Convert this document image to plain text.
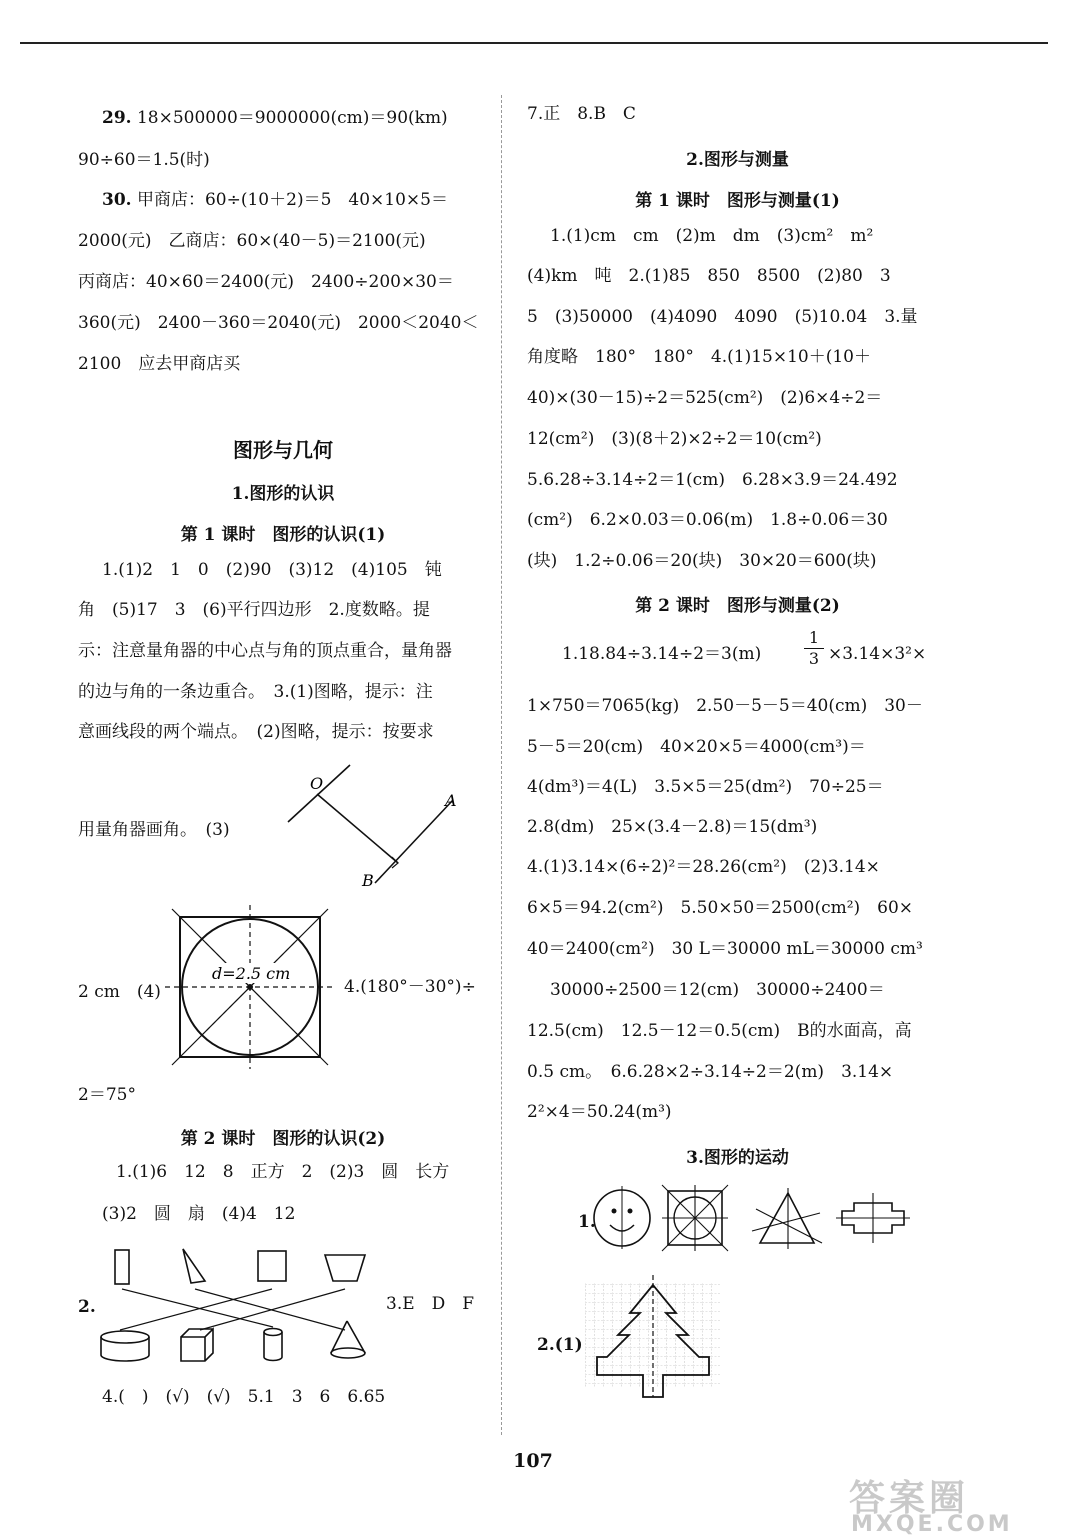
29. 18×500000＝9000000(cm)＝90(km)
90÷60＝1.5(时)
30. 甲商店：60÷(10＋2)＝5　40×10×5＝
2000(元)　乙商店：60×(40－5)＝2100(元)
丙商店：40×60＝2400(元)　2400÷200×30＝
360(元)　2400－360＝2040(元)　2000＜2040＜
2100　应去甲商店买
图形与几何
1.图形的认识
第 1 课时　图形的认识(1)
1.(1)2　1　0　(2)90　(3)12　(4)105　钝
角　(5)17　3　(6)平行四边形　2.度数略。提
示：注意量角器的中心点与角的顶点重合，量角器
的边与角的一条边重合。　3.(1)图略，提示：注
意画线段的两个端点。　(2)图略，提示：按要求
用量角器画角。　(3)
O
A
B
2 cm　(4)
d=2.5 cm
4.(180°－30°)÷
2＝75°
第 2 课时　图形的认识(2)
1.(1)6　12　8　正方　2　(2)3　圆　长方
(3)2　圆　扇　(4)4　12
2.	3.E　D　F
4.(　)　(√)　(√)　5.1　3　6　6.65
7.正　8.B　C
2.图形与测量
第 1 课时　图形与测量(1)
1.(1)cm　cm　(2)m　dm　(3)cm²　m²
(4)km　吨　2.(1)85　850　8500　(2)80　3
5　(3)50000　(4)4090　4090　(5)10.04　3.量
角度略　180°　180°　4.(1)15×10＋(10＋
40)×(30－15)÷2＝525(cm²)　(2)6×4÷2＝
12(cm²)　(3)(8＋2)×2÷2＝10(cm²)
5.6.28÷3.14÷2＝1(cm)　6.28×3.9＝24.492
(cm²)　6.2×0.03＝0.06(m)　1.8÷0.06＝30
(块)　1.2÷0.06＝20(块)　30×20＝600(块)
第 2 课时　图形与测量(2)
1.18.84÷3.14÷2＝3(m)	$\frac{1}{3} \times 3.14\times 3^2\times$
1×750＝7065(kg)　2.50－5－5＝40(cm)　30－
5－5＝20(cm)　40×20×5＝4000(cm³)＝
4(dm³)＝4(L)　3.5×5＝25(dm²)　70÷25＝
2.8(dm)　25×(3.4－2.8)＝15(dm³)
4.(1)3.14×(6÷2)²＝28.26(cm²)　(2)3.14×
6×5＝94.2(cm²)　5.50×50＝2500(cm²)　60×
40＝2400(cm²)　30 L＝30000 mL＝30000 cm³
30000÷2500＝12(cm)　30000÷2400＝
12.5(cm)　12.5－12＝0.5(cm)　B的水面高，高
0.5 cm。　6.6.28×2÷3.14÷2＝2(m)　3.14×
2²×4＝50.24(m³)
3.图形的运动
1.
2.(1)
107
答案圈
MXQE.COM
